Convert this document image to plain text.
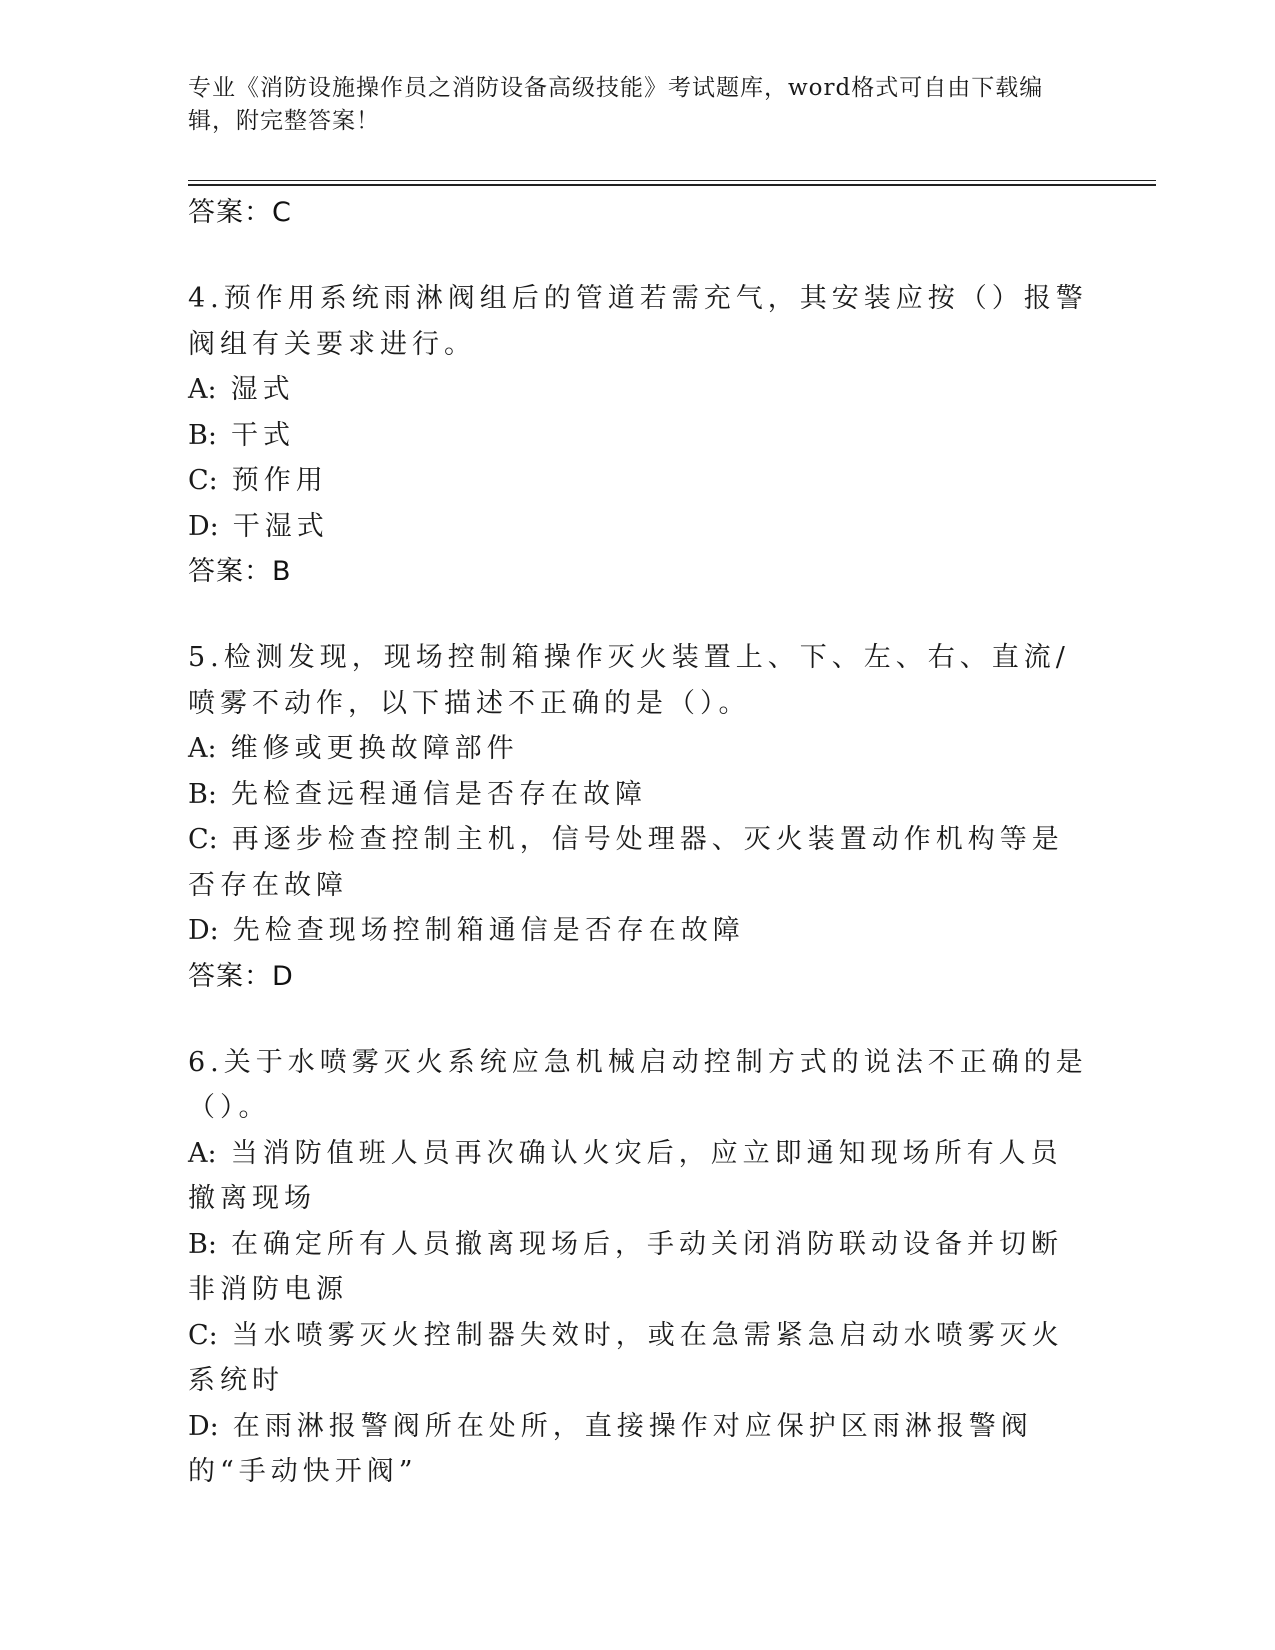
专业《消防设施操作员之消防设备高级技能》考试题库，word格式可自由下载编辑，附完整答案！
答案：C
4.预作用系统雨淋阀组后的管道若需充气，其安装应按（）报警阀组有关要求进行。
A: 湿式
B: 干式
C: 预作用
D: 干湿式
答案：B
5.检测发现，现场控制箱操作灭火装置上、下、左、右、直流/喷雾不动作，以下描述不正确的是（）。
A: 维修或更换故障部件
B: 先检查远程通信是否存在故障
C: 再逐步检查控制主机，信号处理器、灭火装置动作机构等是否存在故障
D: 先检查现场控制箱通信是否存在故障
答案：D
6.关于水喷雾灭火系统应急机械启动控制方式的说法不正确的是（）。
A: 当消防值班人员再次确认火灾后，应立即通知现场所有人员撤离现场
B: 在确定所有人员撤离现场后，手动关闭消防联动设备并切断非消防电源
C: 当水喷雾灭火控制器失效时，或在急需紧急启动水喷雾灭火系统时
D: 在雨淋报警阀所在处所，直接操作对应保护区雨淋报警阀的“手动快开阀”
